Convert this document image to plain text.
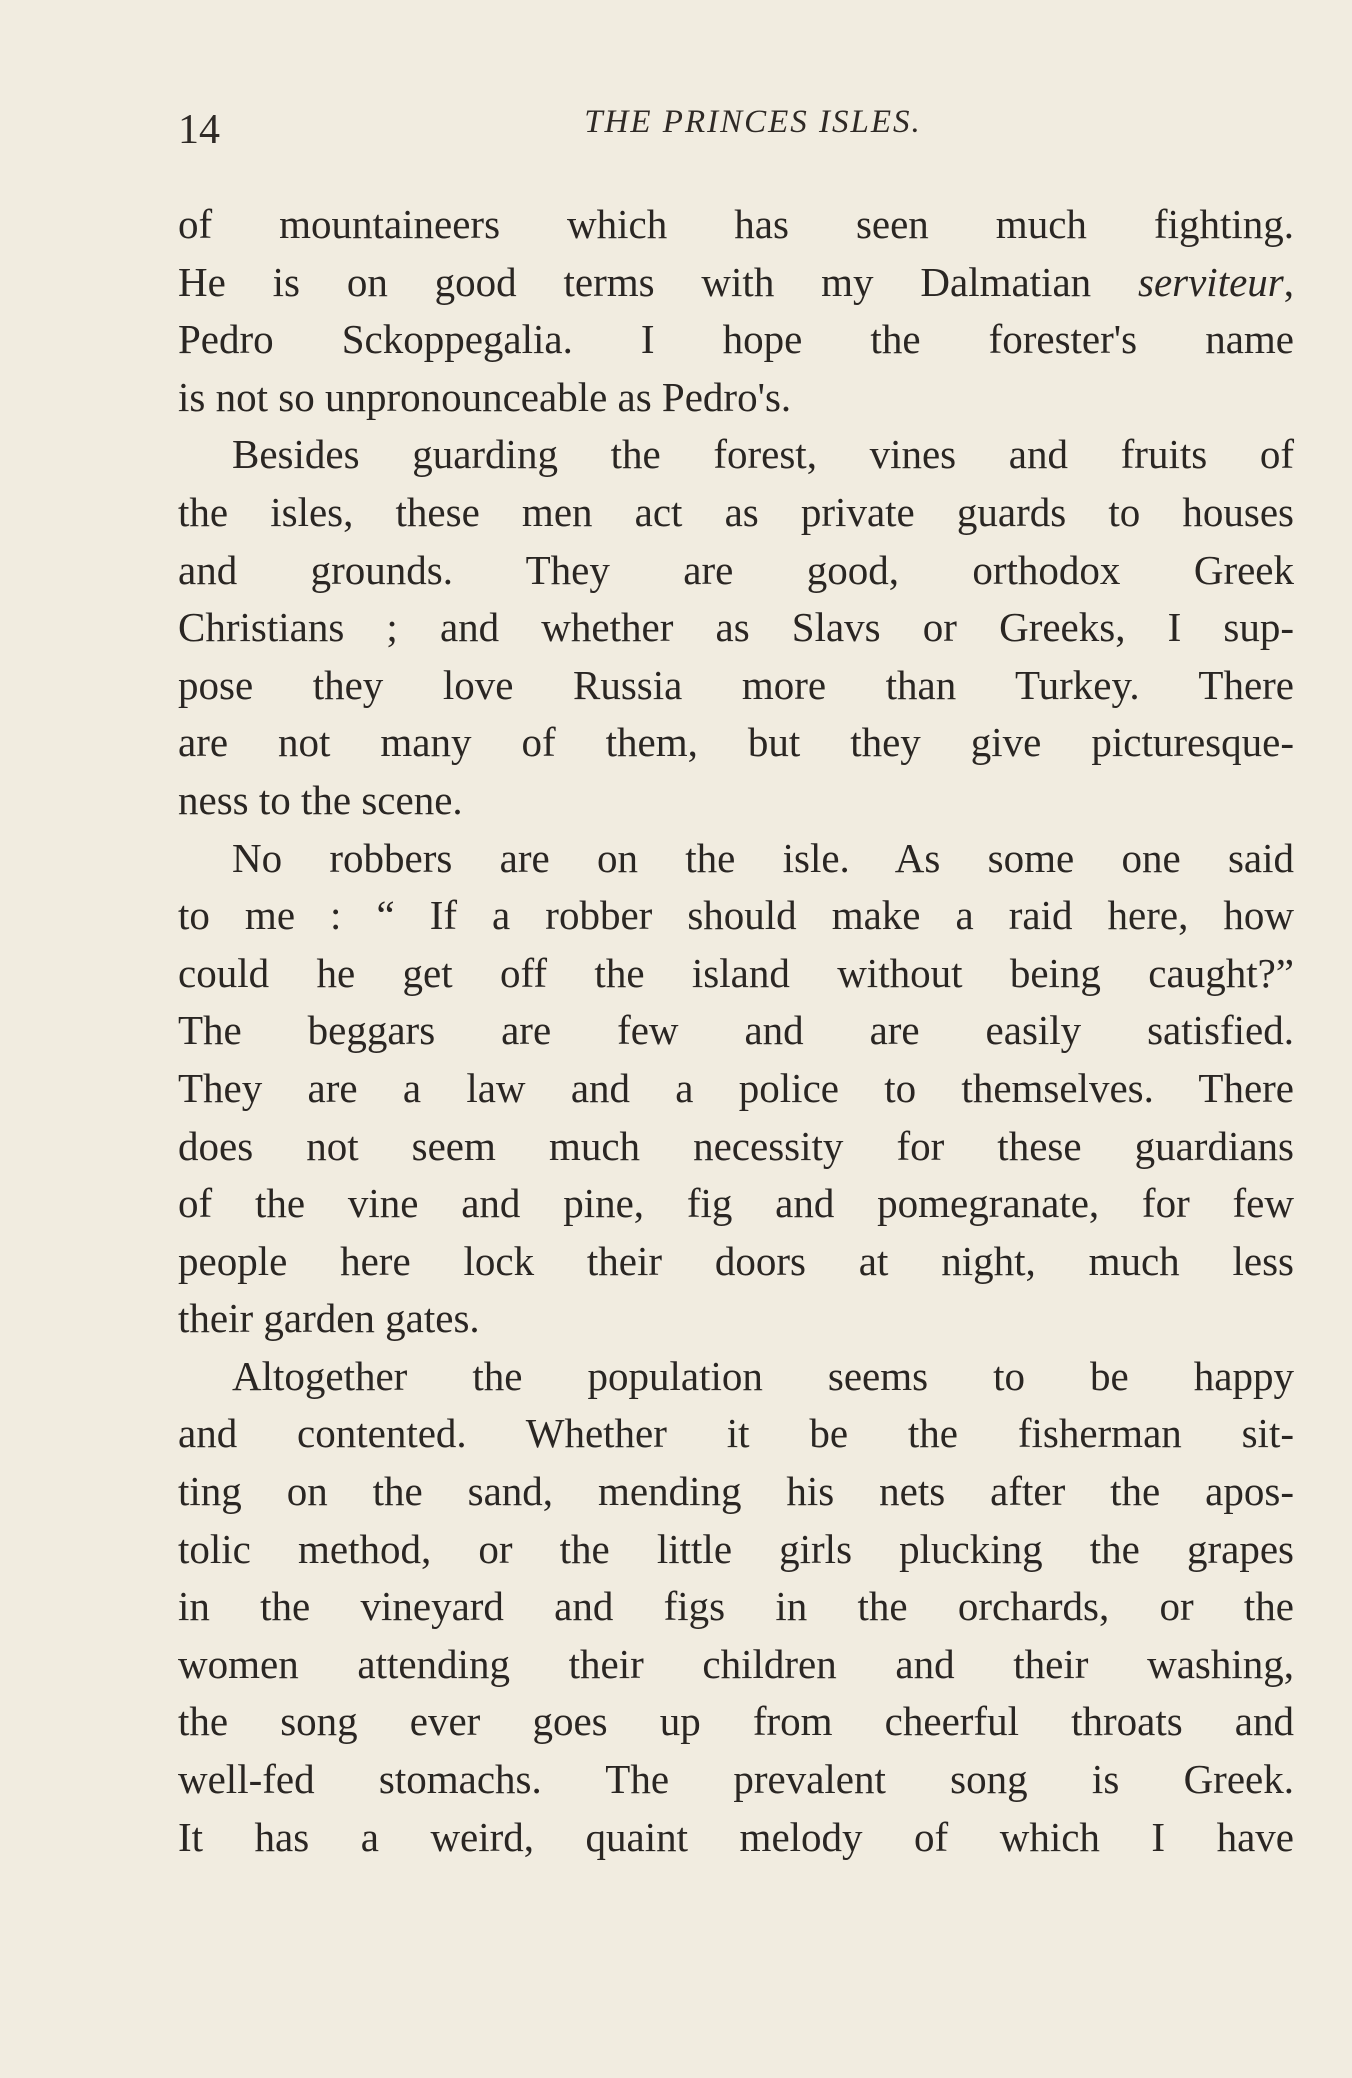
14	THE PRINCES ISLES.
of mountaineers which has seen much fighting.
He is on good terms with my Dalmatian serviteur,
Pedro Sckoppegalia. I hope the forester's name
is not so unpronounceable as Pedro's.
Besides guarding the forest, vines and fruits of
the isles, these men act as private guards to houses
and grounds. They are good, orthodox Greek
Christians ; and whether as Slavs or Greeks, I sup-
pose they love Russia more than Turkey. There
are not many of them, but they give picturesque-
ness to the scene.
No robbers are on the isle. As some one said
to me : “ If a robber should make a raid here, how
could he get off the island without being caught?”
The beggars are few and are easily satisfied.
They are a law and a police to themselves. There
does not seem much necessity for these guardians
of the vine and pine, fig and pomegranate, for few
people here lock their doors at night, much less
their garden gates.
Altogether the population seems to be happy
and contented. Whether it be the fisherman sit-
ting on the sand, mending his nets after the apos-
tolic method, or the little girls plucking the grapes
in the vineyard and figs in the orchards, or the
women attending their children and their washing,
the song ever goes up from cheerful throats and
well-fed stomachs. The prevalent song is Greek.
It has a weird, quaint melody of which I have
